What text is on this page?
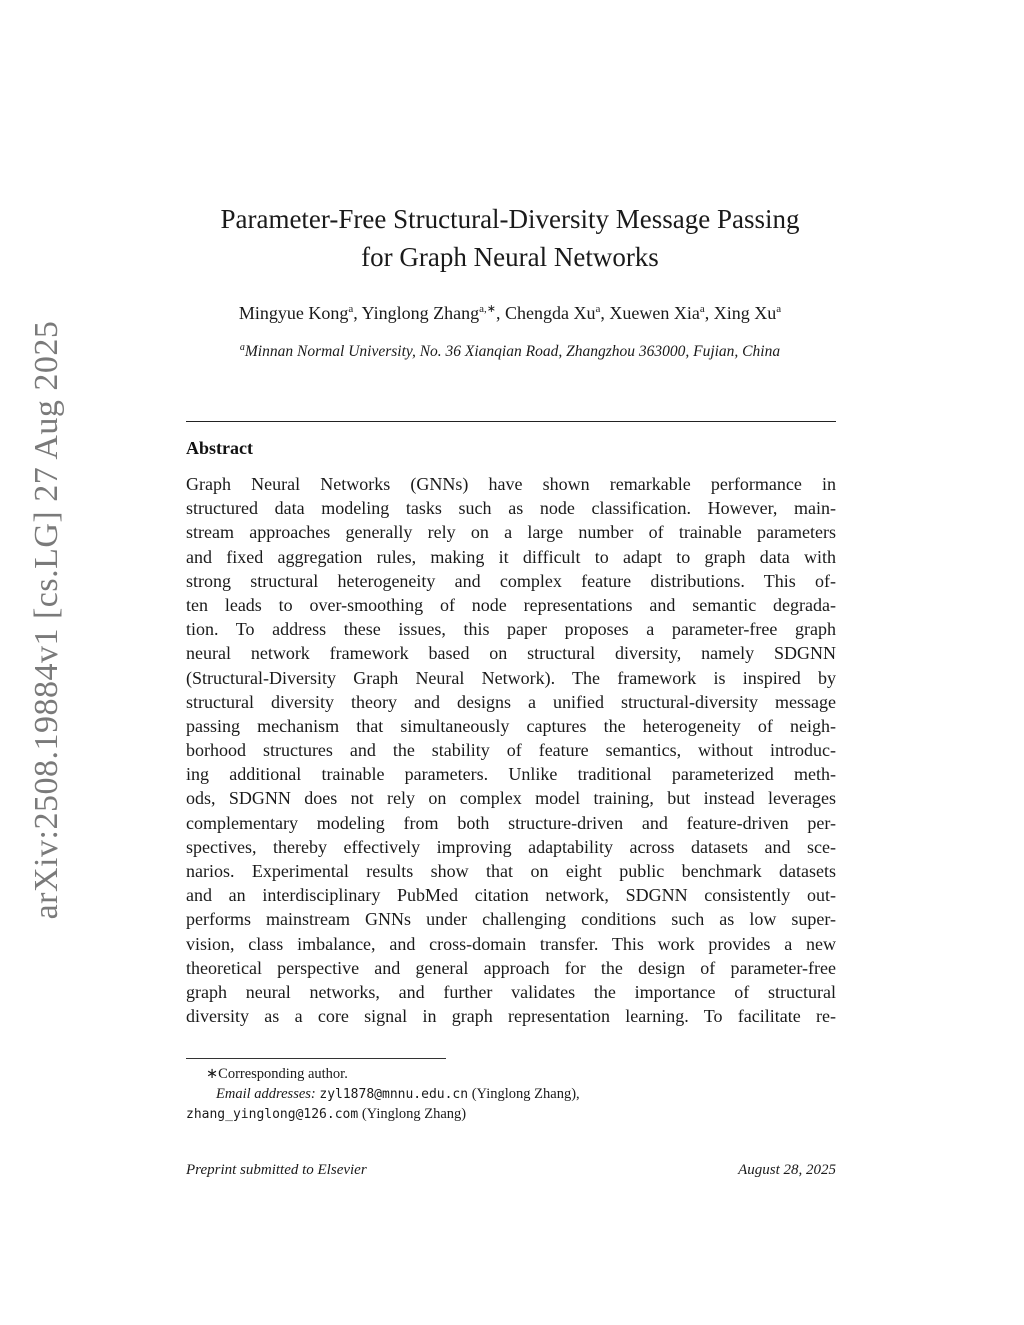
arXiv:2508.19884v1 [cs.LG] 27 Aug 2025
Parameter-Free Structural-Diversity Message Passing
for Graph Neural Networks
Mingyue Kong$^a$, Yinglong Zhang$^{a,∗}$, Chengda Xu$^a$, Xuewen Xia$^a$, Xing Xu$^a$
$^a$Minnan Normal University, No. 36 Xianqian Road, Zhangzhou 363000, Fujian, China
Abstract
Graph Neural Networks (GNNs) have shown remarkable performance in
structured data modeling tasks such as node classification. However, main-
stream approaches generally rely on a large number of trainable parameters
and fixed aggregation rules, making it difficult to adapt to graph data with
strong structural heterogeneity and complex feature distributions. This of-
ten leads to over-smoothing of node representations and semantic degrada-
tion. To address these issues, this paper proposes a parameter-free graph
neural network framework based on structural diversity, namely SDGNN
(Structural-Diversity Graph Neural Network). The framework is inspired by
structural diversity theory and designs a unified structural-diversity message
passing mechanism that simultaneously captures the heterogeneity of neigh-
borhood structures and the stability of feature semantics, without introduc-
ing additional trainable parameters. Unlike traditional parameterized meth-
ods, SDGNN does not rely on complex model training, but instead leverages
complementary modeling from both structure-driven and feature-driven per-
spectives, thereby effectively improving adaptability across datasets and sce-
narios. Experimental results show that on eight public benchmark datasets
and an interdisciplinary PubMed citation network, SDGNN consistently out-
performs mainstream GNNs under challenging conditions such as low super-
vision, class imbalance, and cross-domain transfer. This work provides a new
theoretical perspective and general approach for the design of parameter-free
graph neural networks, and further validates the importance of structural
diversity as a core signal in graph representation learning. To facilitate re-
∗Corresponding author.
Email addresses: zyl1878@mnnu.edu.cn (Yinglong Zhang),
zhang_yinglong@126.com (Yinglong Zhang)
Preprint submitted to Elsevier	August 28, 2025
